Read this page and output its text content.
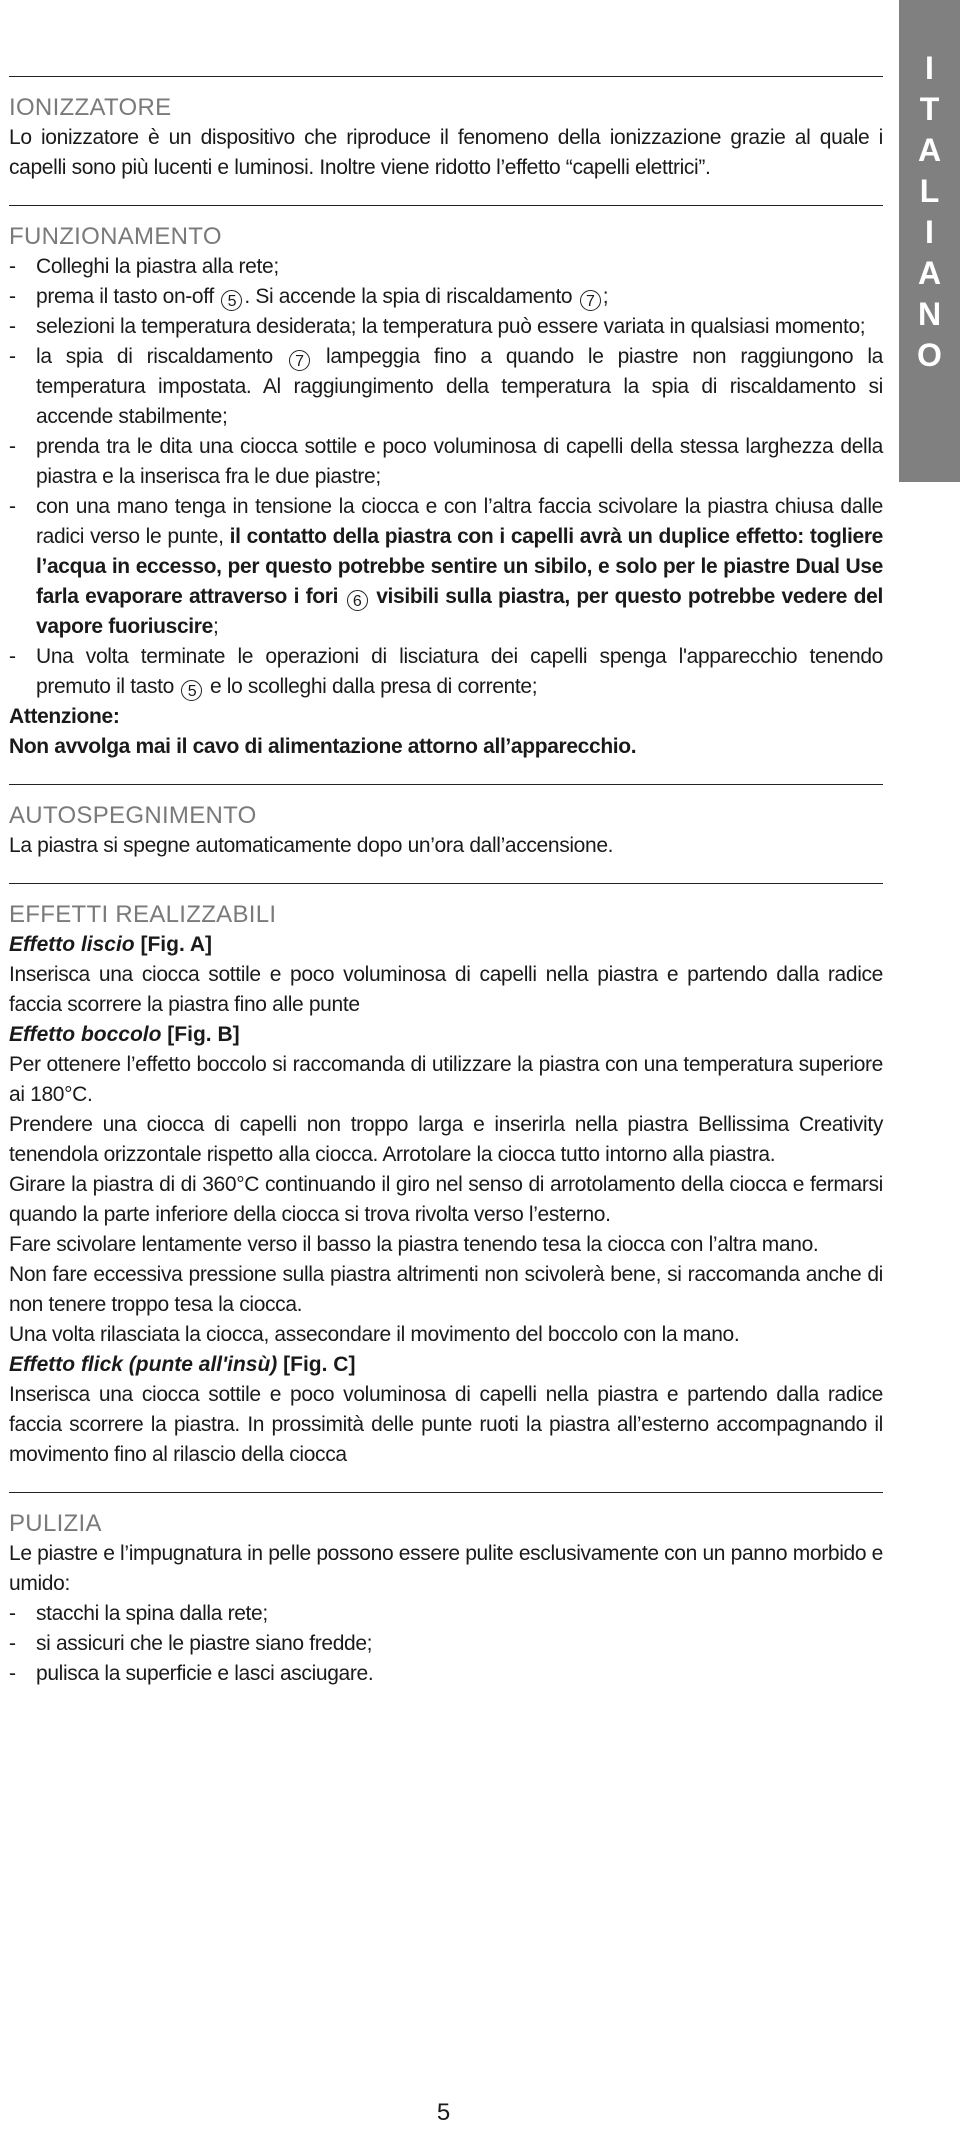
I
T
A
L
I
A
N
O
IONIZZATORE

Lo ionizzatore è un dispositivo che riproduce il fenomeno della ionizzazione grazie al quale i capelli sono più lucenti e luminosi. Inoltre viene ridotto l’effetto “capelli elettrici”.

FUNZIONAMENTO
- Colleghi la piastra alla rete;
- prema il tasto on-off 5 . Si accende la spia di riscaldamento 7 ;
- selezioni la temperatura desiderata; la temperatura può essere variata in qualsiasi momento;
- la spia di riscaldamento 7 lampeggia fino a quando le piastre non raggiungono la temperatura impostata. Al raggiungimento della temperatura la spia di riscaldamento si accende stabilmente;
- prenda tra le dita una ciocca sottile e poco voluminosa di capelli della stessa larghezza della piastra e la inserisca fra le due piastre;
- con una mano tenga in tensione la ciocca e con l’altra faccia scivolare la piastra chiusa dalle radici verso le punte, il contatto della piastra con i capelli avrà un duplice effetto: togliere l’acqua in eccesso, per questo potrebbe sentire un sibilo, e solo per le piastre Dual Use farla evaporare attraverso i fori 6 visibili sulla piastra, per questo potrebbe vedere del vapore fuoriuscire;
- Una volta terminate le operazioni di lisciatura dei capelli spenga l'apparecchio tenendo premuto il tasto 5 e lo scolleghi dalla presa di corrente;

Attenzione:

Non avvolga mai il cavo di alimentazione attorno all’apparecchio.

AUTOSPEGNIMENTO

La piastra si spegne automaticamente dopo un’ora dall’accensione.

EFFETTI REALIZZABILI
Effetto liscio [Fig. A]

Inserisca una ciocca sottile e poco voluminosa di capelli nella piastra e partendo dalla radice faccia scorrere la piastra fino alle punte

Effetto boccolo [Fig. B]

Per ottenere l’effetto boccolo si raccomanda di utilizzare la piastra con una temperatura superiore ai 180°C.

Prendere una ciocca di capelli non troppo larga e inserirla nella piastra Bellissima Creativity tenendola orizzontale rispetto alla ciocca. Arrotolare la ciocca tutto intorno alla piastra.

Girare la piastra di di 360°C continuando il giro nel senso di arrotolamento della ciocca e fermarsi quando la parte inferiore della ciocca si trova rivolta verso l’esterno.

Fare scivolare lentamente verso il basso la piastra tenendo tesa la ciocca con l’altra mano.

Non fare eccessiva pressione sulla piastra altrimenti non scivolerà bene, si raccomanda anche di non tenere troppo tesa la ciocca.

Una volta rilasciata la ciocca, assecondare il movimento del boccolo con la mano.

Effetto flick (punte all'insù) [Fig. C]

Inserisca una ciocca sottile e poco voluminosa di capelli nella piastra e partendo dalla radice faccia scorrere la piastra. In prossimità delle punte ruoti la piastra all’esterno accompagnando il movimento fino al rilascio della ciocca

PULIZIA

Le piastre e l’impugnatura in pelle possono essere pulite esclusivamente con un panno morbido e umido:

- stacchi la spina dalla rete;
- si assicuri che le piastre siano fredde;
- pulisca la superficie e lasci asciugare.
5
